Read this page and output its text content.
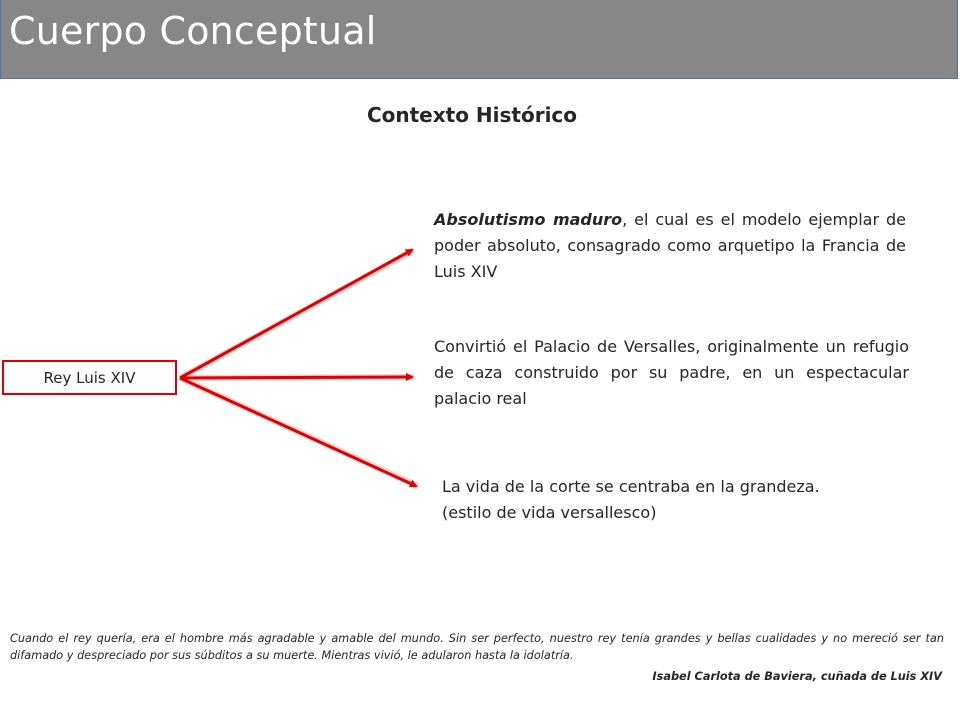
Cuerpo Conceptual
Contexto Histórico
Rey Luis XIV
Absolutismo maduro, el cual es el modelo ejemplar de poder absoluto, consagrado como arquetipo la Francia de Luis XIV
Convirtió el Palacio de Versalles, originalmente un refugio de caza construido por su padre, en un espectacular palacio real
La vida de la corte se centraba en la grandeza.
(estilo de vida versallesco)
Cuando el rey quería, era el hombre más agradable y amable del mundo. Sin ser perfecto, nuestro rey tenía grandes y bellas cualidades y no mereció ser tan difamado y despreciado por sus súbditos a su muerte. Mientras vivió, le adularon hasta la idolatría.
Isabel Carlota de Baviera, cuñada de Luis XIV
